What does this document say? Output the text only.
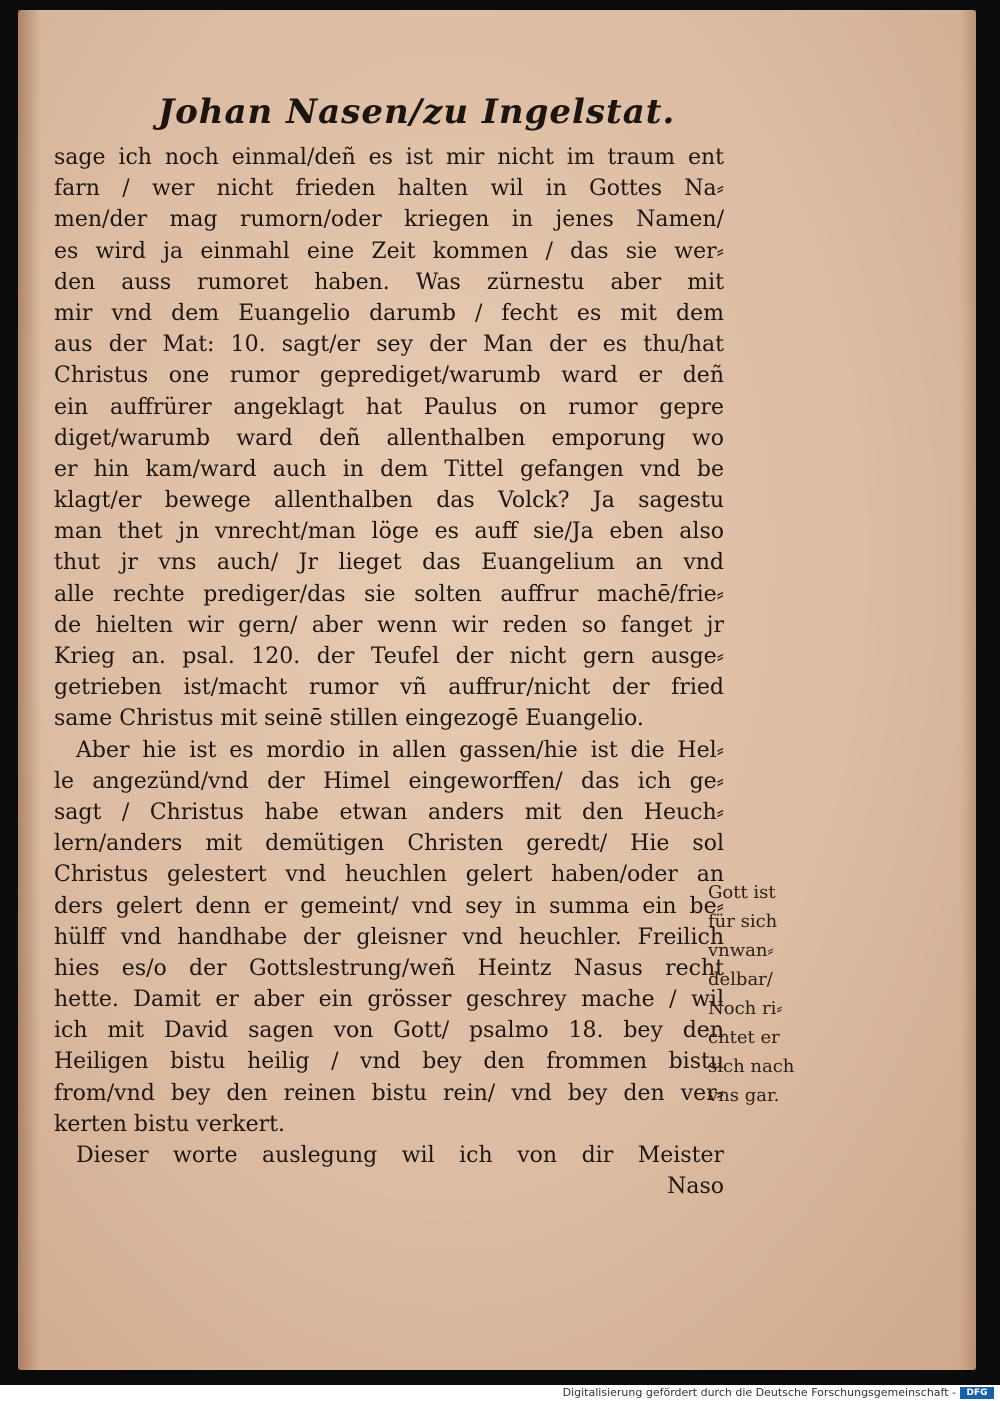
Johan Nasen/zu Ingelstat.
sage ich noch einmal/deñ es ist mir nicht im traum ent
farn / wer nicht frieden halten wil in Gottes Na⸗
men/der mag rumorn/oder kriegen in jenes Namen/
es wird ja einmahl eine Zeit kommen / das sie wer⸗
den auss rumoret haben. Was zürnestu aber mit
mir vnd dem Euangelio darumb / fecht es mit dem
aus der Mat: 10. sagt/er sey der Man der es thu/hat
Christus one rumor geprediget/warumb ward er deñ
ein auffrürer angeklagt hat Paulus on rumor gepre
diget/warumb ward deñ allenthalben emporung wo
er hin kam/ward auch in dem Tittel gefangen vnd be
klagt/er bewege allenthalben das Volck? Ja sagestu
man thet jn vnrecht/man löge es auff sie/Ja eben also
thut jr vns auch/ Jr lieget das Euangelium an vnd
alle rechte prediger/das sie solten auffrur machē/frie⸗
de hielten wir gern/ aber wenn wir reden so fanget jr
Krieg an. psal. 120. der Teufel der nicht gern ausge⸗
getrieben ist/macht rumor vñ auffrur/nicht der fried
same Christus mit seinē stillen eingezogē Euangelio.
Aber hie ist es mordio in allen gassen/hie ist die Hel⸗
le angezünd/vnd der Himel eingeworffen/ das ich ge⸗
sagt / Christus habe etwan anders mit den Heuch⸗
lern/anders mit demütigen Christen geredt/ Hie sol
Christus gelestert vnd heuchlen gelert haben/oder an
ders gelert denn er gemeint/ vnd sey in summa ein be⸗
hülff vnd handhabe der gleisner vnd heuchler. Freilich
hies es/o der Gottslestrung/weñ Heintz Nasus recht
hette. Damit er aber ein grösser geschrey mache / wil
ich mit David sagen von Gott/ psalmo 18. bey den
Heiligen bistu heilig / vnd bey den frommen bistu
from/vnd bey den reinen bistu rein/ vnd bey den ver⸗
kerten bistu verkert.
Dieser worte auslegung wil ich von dir Meister
Naso
Gott ist
für sich
vnwan⸗
delbar/
Noch ri⸗
chtet er
sich nach
vns gar.
Digitalisierung gefördert durch die Deutsche Forschungsgemeinschaft -	DFG
